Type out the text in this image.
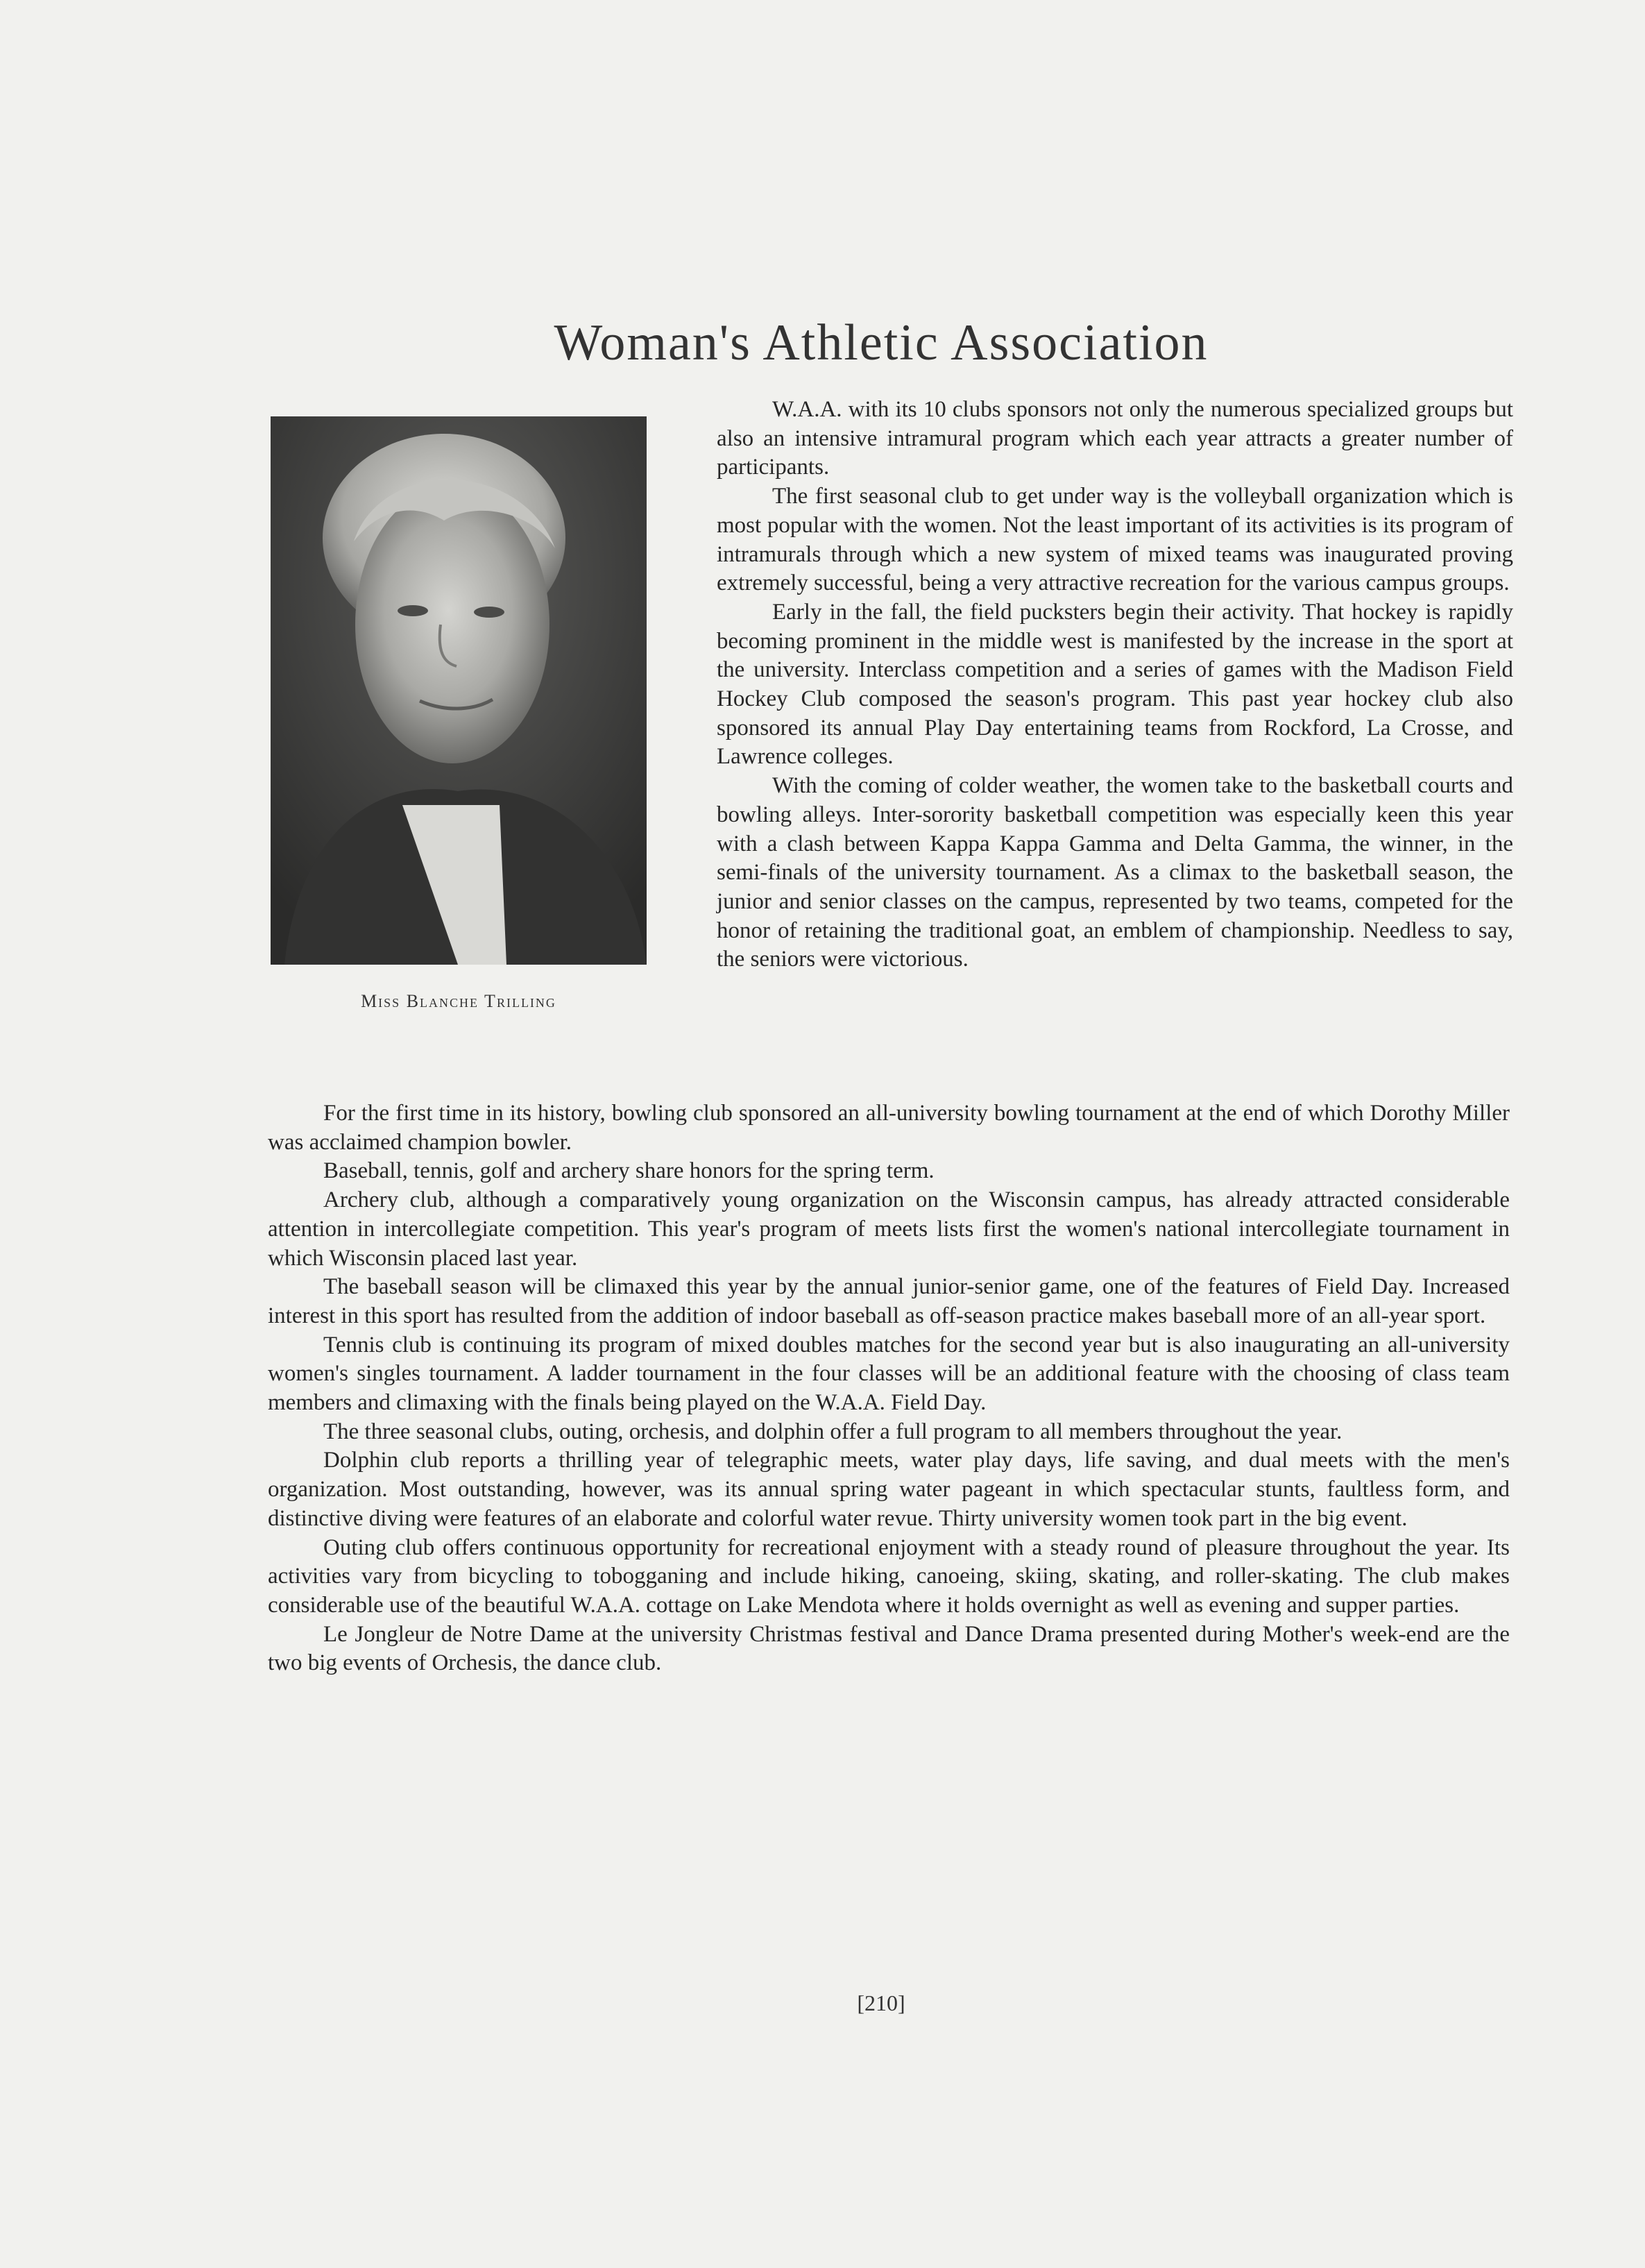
Woman's Athletic Association
Miss Blanche Trilling

W.A.A. with its 10 clubs sponsors not only the numerous specialized groups but also an intensive intramural program which each year attracts a greater number of participants.

The first seasonal club to get under way is the volleyball organization which is most popular with the women. Not the least important of its activities is its program of intramurals through which a new system of mixed teams was inaugurated proving extremely successful, being a very attractive recreation for the various campus groups.

Early in the fall, the field pucksters begin their activity. That hockey is rapidly becoming prominent in the middle west is manifested by the increase in the sport at the university. Interclass competition and a series of games with the Madison Field Hockey Club composed the season's program. This past year hockey club also sponsored its annual Play Day entertaining teams from Rockford, La Crosse, and Lawrence colleges.

With the coming of colder weather, the women take to the basketball courts and bowling alleys. Inter-sorority basketball competition was especially keen this year with a clash between Kappa Kappa Gamma and Delta Gamma, the winner, in the semi-finals of the university tournament. As a climax to the basketball season, the junior and senior classes on the campus, represented by two teams, competed for the honor of retaining the traditional goat, an emblem of championship. Needless to say, the seniors were victorious.

For the first time in its history, bowling club sponsored an all-university bowling tournament at the end of which Dorothy Miller was acclaimed champion bowler.

Baseball, tennis, golf and archery share honors for the spring term.

Archery club, although a comparatively young organization on the Wisconsin campus, has already attracted considerable attention in intercollegiate competition. This year's program of meets lists first the women's national intercollegiate tournament in which Wisconsin placed last year.

The baseball season will be climaxed this year by the annual junior-senior game, one of the features of Field Day. Increased interest in this sport has resulted from the addition of indoor baseball as off-season practice makes baseball more of an all-year sport.

Tennis club is continuing its program of mixed doubles matches for the second year but is also inaugurating an all-university women's singles tournament. A ladder tournament in the four classes will be an additional feature with the choosing of class team members and climaxing with the finals being played on the W.A.A. Field Day.

The three seasonal clubs, outing, orchesis, and dolphin offer a full program to all members throughout the year.

Dolphin club reports a thrilling year of telegraphic meets, water play days, life saving, and dual meets with the men's organization. Most outstanding, however, was its annual spring water pageant in which spectacular stunts, faultless form, and distinctive diving were features of an elaborate and colorful water revue. Thirty university women took part in the big event.

Outing club offers continuous opportunity for recreational enjoyment with a steady round of pleasure throughout the year. Its activities vary from bicycling to tobogganing and include hiking, canoeing, skiing, skating, and roller-skating. The club makes considerable use of the beautiful W.A.A. cottage on Lake Mendota where it holds overnight as well as evening and supper parties.

Le Jongleur de Notre Dame at the university Christmas festival and Dance Drama presented during Mother's week-end are the two big events of Orchesis, the dance club.

[210]
